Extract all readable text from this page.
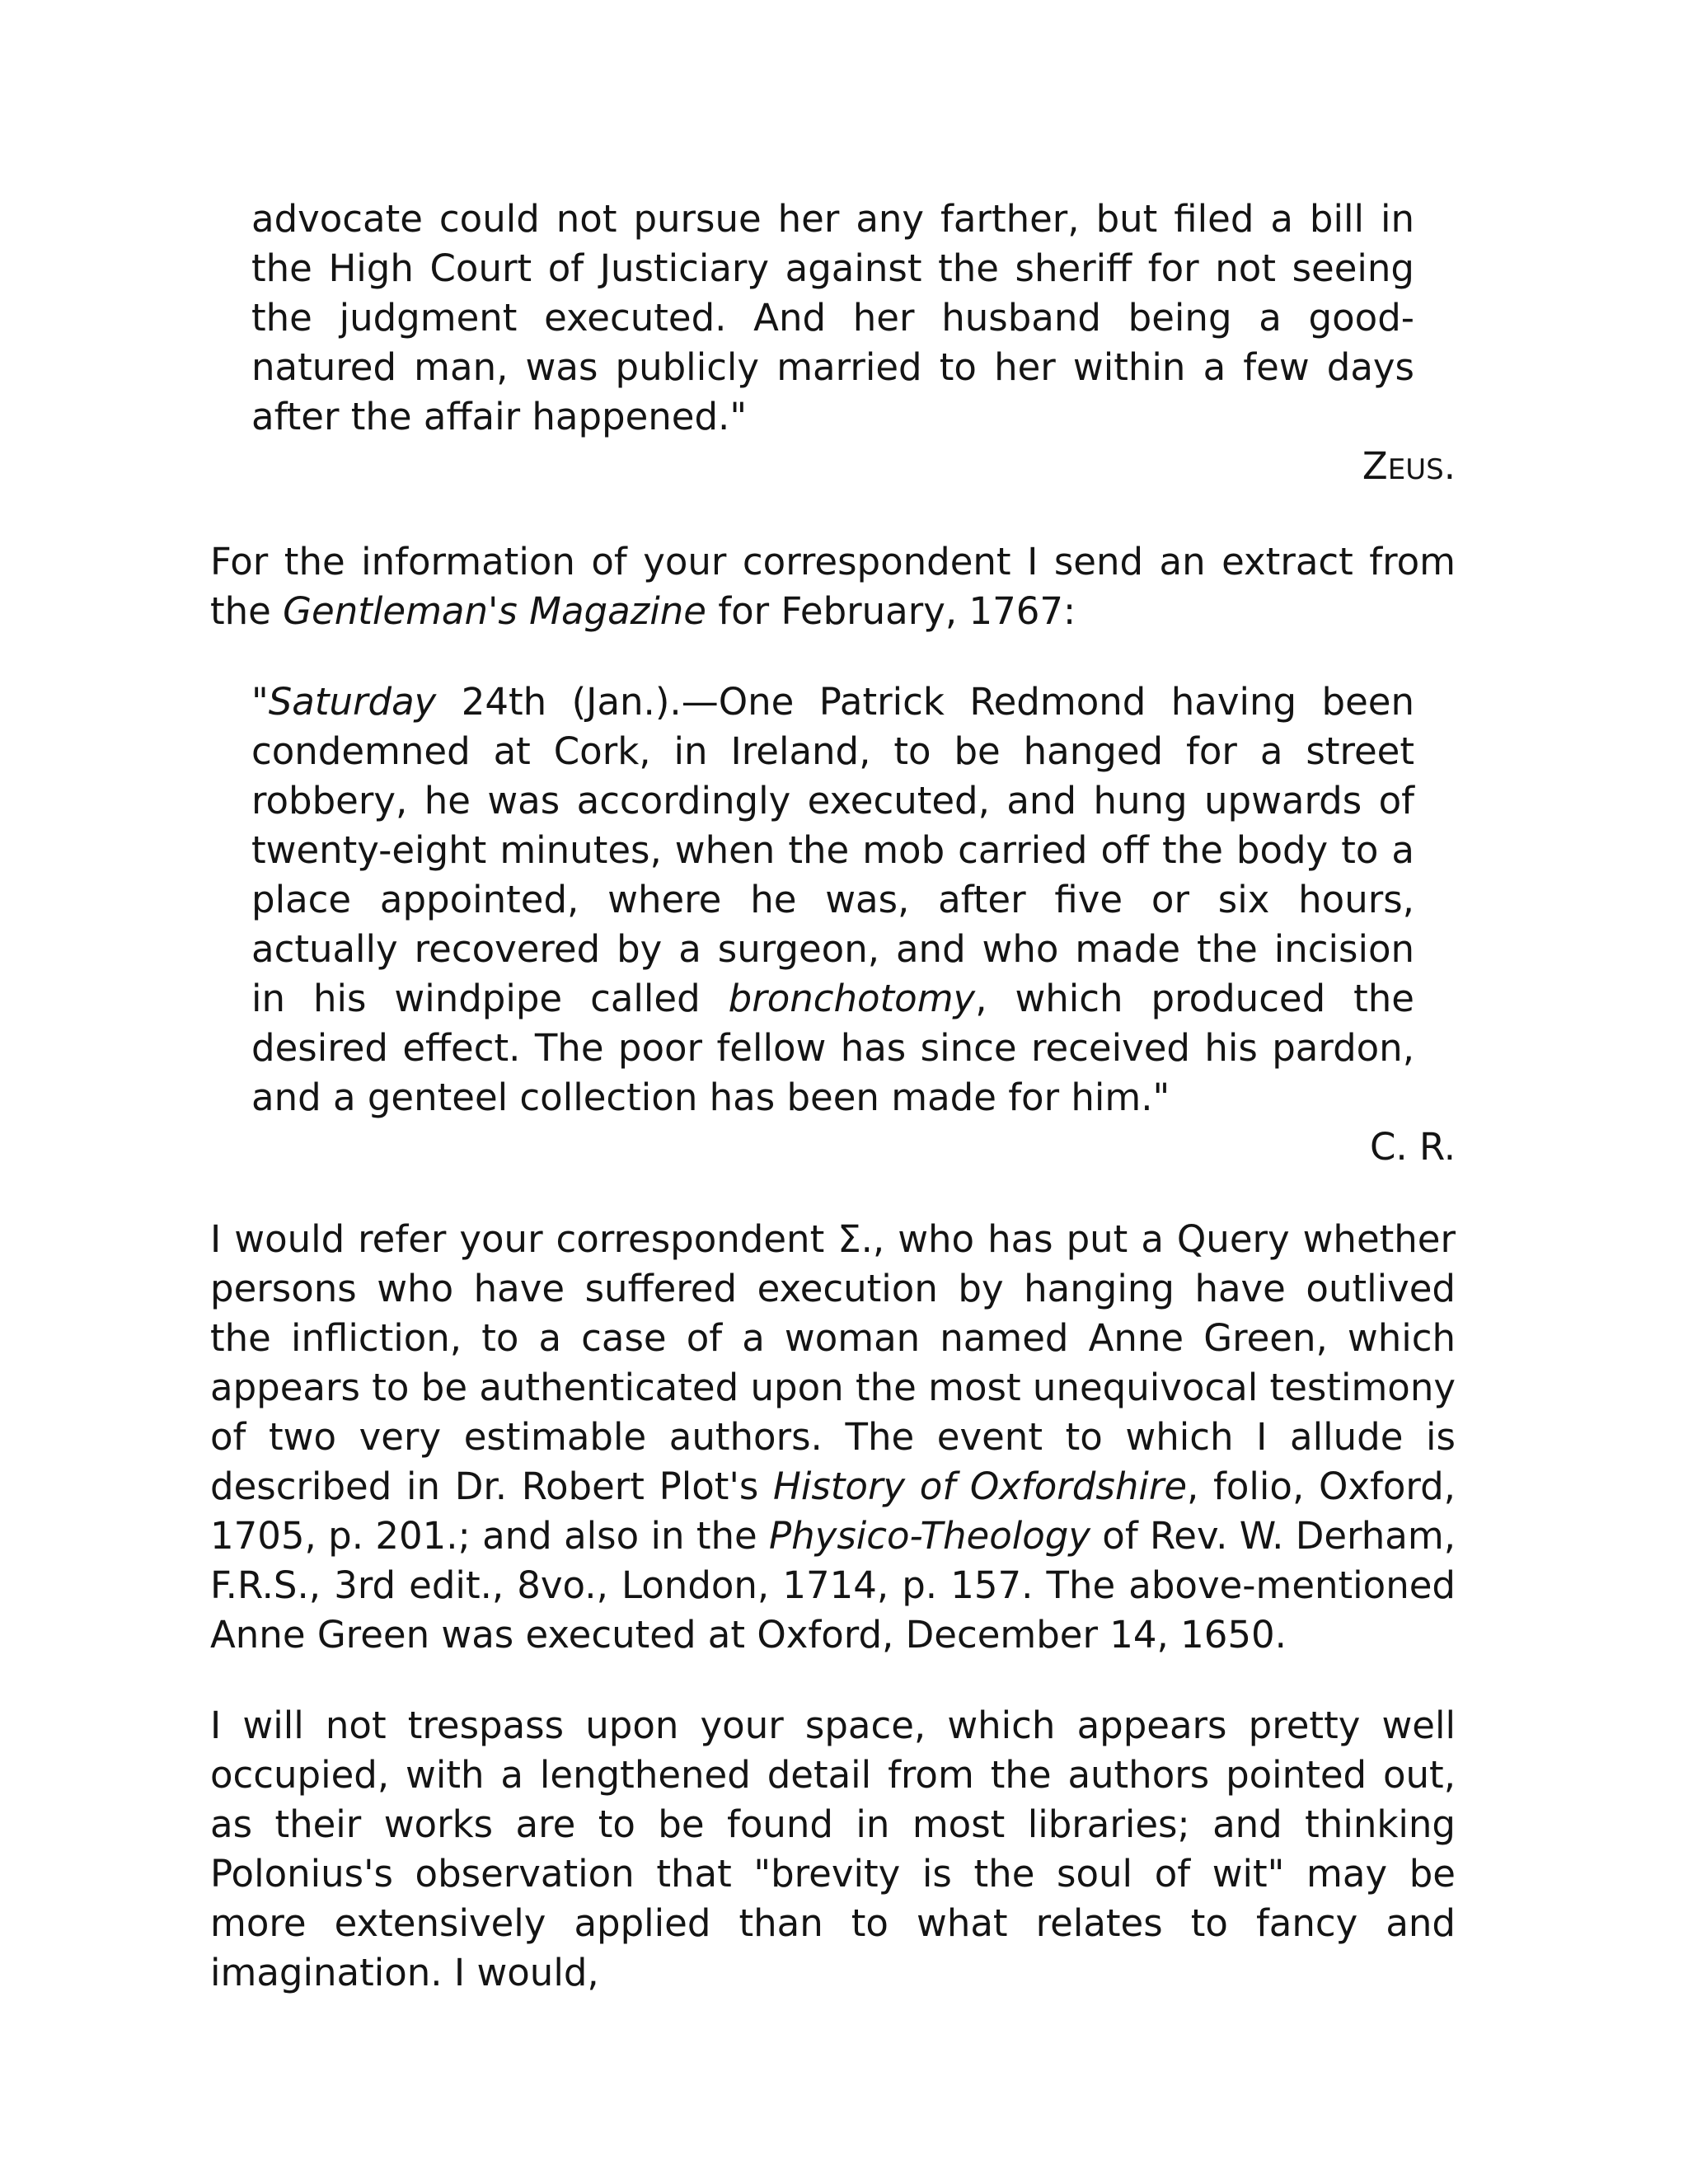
advocate could not pursue her any farther, but filed a bill in the High Court of Justiciary against the sheriff for not seeing the judgment executed. And her husband being a good-natured man, was publicly married to her within a few days after the affair happened."

ZEUS.

For the information of your correspondent I send an extract from the Gentleman's Magazine for February, 1767:

"Saturday 24th (Jan.).—One Patrick Redmond having been condemned at Cork, in Ireland, to be hanged for a street robbery, he was accordingly executed, and hung upwards of twenty-eight minutes, when the mob carried off the body to a place appointed, where he was, after five or six hours, actually recovered by a surgeon, and who made the incision in his windpipe called bronchotomy, which produced the desired effect. The poor fellow has since received his pardon, and a genteel collection has been made for him."

C. R.

I would refer your correspondent Σ., who has put a Query whether persons who have suffered execution by hanging have outlived the infliction, to a case of a woman named Anne Green, which appears to be authenticated upon the most unequivocal testimony of two very estimable authors. The event to which I allude is described in Dr. Robert Plot's History of Oxfordshire, folio, Oxford, 1705, p. 201.; and also in the Physico-Theology of Rev. W. Derham, F.R.S., 3rd edit., 8vo., London, 1714, p. 157. The above-mentioned Anne Green was executed at Oxford, December 14, 1650.

I will not trespass upon your space, which appears pretty well occupied, with a lengthened detail from the authors pointed out, as their works are to be found in most libraries; and thinking Polonius's observation that "brevity is the soul of wit" may be more extensively applied than to what relates to fancy and imagination. I would,
